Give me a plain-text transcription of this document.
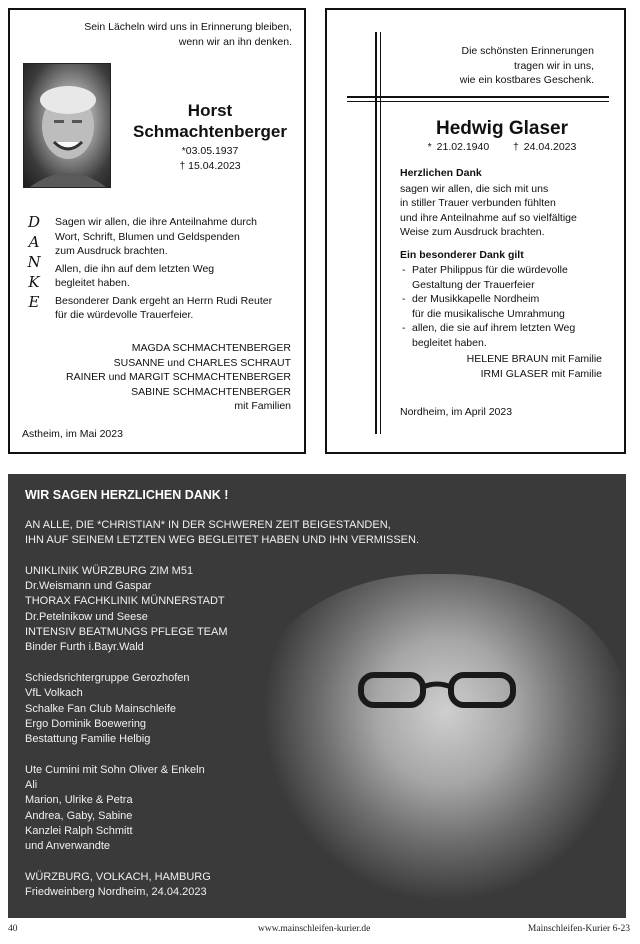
Sein Lächeln wird uns in Erinnerung bleiben,
wenn wir an ihn denken.
Horst
Schmachtenberger
*03.05.1937
† 15.04.2023
D
A
N
K
E
Sagen wir allen, die ihre Anteilnahme durch
Wort, Schrift, Blumen und Geldspenden
zum Ausdruck brachten.
Allen, die ihn auf dem letzten Weg
begleitet haben.
Besonderer Dank ergeht an Herrn Rudi Reuter
für die würdevolle Trauerfeier.
MAGDA SCHMACHTENBERGER
SUSANNE und CHARLES SCHRAUT
RAINER und MARGIT SCHMACHTENBERGER
SABINE SCHMACHTENBERGER
mit Familien
Astheim, im Mai 2023
Die schönsten Erinnerungen
tragen wir in uns,
wie ein kostbares Geschenk.
Hedwig Glaser
* 21.02.1940 † 24.04.2023
Herzlichen Dank
sagen wir allen, die sich mit uns
in stiller Trauer verbunden fühlten
und ihre Anteilnahme auf so vielfältige
Weise zum Ausdruck brachten.
Ein besonderer Dank gilt
- Pater Philippus für die würdevolle
Gestaltung der Trauerfeier
- der Musikkapelle Nordheim
für die musikalische Umrahmung
- allen, die sie auf ihrem letzten Weg
begleitet haben.
HELENE BRAUN mit Familie
IRMI GLASER mit Familie
Nordheim, im April 2023
WIR SAGEN HERZLICHEN DANK !
AN ALLE, DIE *CHRISTIAN* IN DER SCHWEREN ZEIT BEIGESTANDEN,
IHN AUF SEINEM LETZTEN WEG BEGLEITET HABEN UND IHN VERMISSEN.
UNIKLINIK WÜRZBURG ZIM M51
Dr.Weismann und Gaspar
THORAX FACHKLINIK MÜNNERSTADT
Dr.Petelnikow und Seese
INTENSIV BEATMUNGS PFLEGE TEAM
Binder Furth i.Bayr.Wald
Schiedsrichtergruppe Gerozhofen
VfL Volkach
Schalke Fan Club Mainschleife
Ergo Dominik Boewering
Bestattung Familie Helbig
Ute Cumini mit Sohn Oliver & Enkeln
Ali
Marion, Ulrike & Petra
Andrea, Gaby, Sabine
Kanzlei Ralph Schmitt
und Anverwandte
WÜRZBURG, VOLKACH, HAMBURG
Friedweinberg Nordheim, 24.04.2023
40	www.mainschleifen-kurier.de	Mainschleifen-Kurier 6-23
